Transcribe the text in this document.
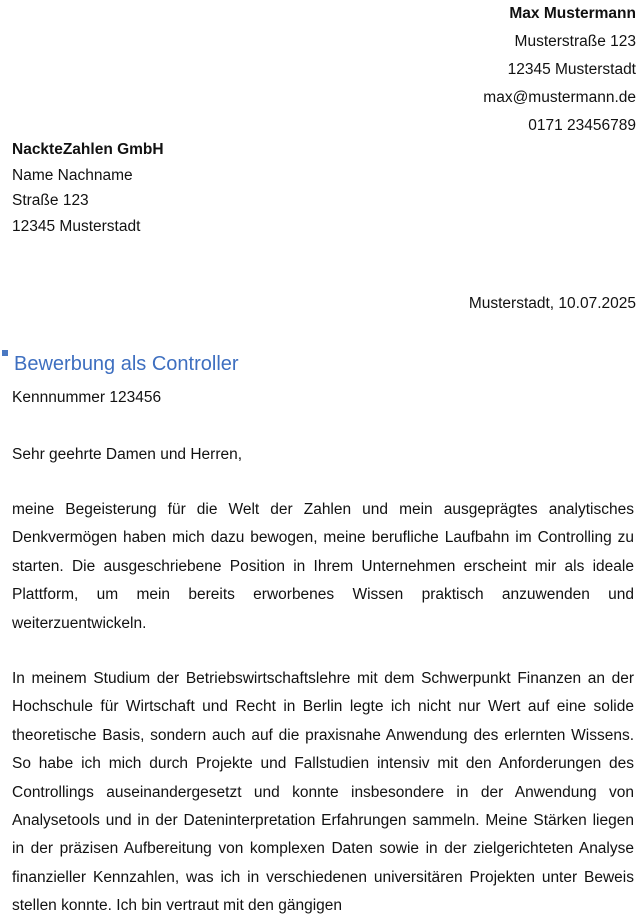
Max Mustermann
Musterstraße 123
12345 Musterstadt
max@mustermann.de
0171 23456789
NackteZahlen GmbH
Name Nachname
Straße 123
12345 Musterstadt
Musterstadt, 10.07.2025
Bewerbung als Controller
Kennnummer 123456
Sehr geehrte Damen und Herren,
meine Begeisterung für die Welt der Zahlen und mein ausgeprägtes analytisches Denkvermögen haben mich dazu bewogen, meine berufliche Laufbahn im Controlling zu starten. Die ausgeschriebene Position in Ihrem Unternehmen erscheint mir als ideale Plattform, um mein bereits erworbenes Wissen praktisch anzuwenden und weiterzuentwickeln.
In meinem Studium der Betriebswirtschaftslehre mit dem Schwerpunkt Finanzen an der Hochschule für Wirtschaft und Recht in Berlin legte ich nicht nur Wert auf eine solide theoretische Basis, sondern auch auf die praxisnahe Anwendung des erlernten Wissens. So habe ich mich durch Projekte und Fallstudien intensiv mit den Anforderungen des Controllings auseinandergesetzt und konnte insbesondere in der Anwendung von Analysetools und in der Dateninterpretation Erfahrungen sammeln. Meine Stärken liegen in der präzisen Aufbereitung von komplexen Daten sowie in der zielgerichteten Analyse finanzieller Kennzahlen, was ich in verschiedenen universitären Projekten unter Beweis stellen konnte. Ich bin vertraut mit den gängigen
